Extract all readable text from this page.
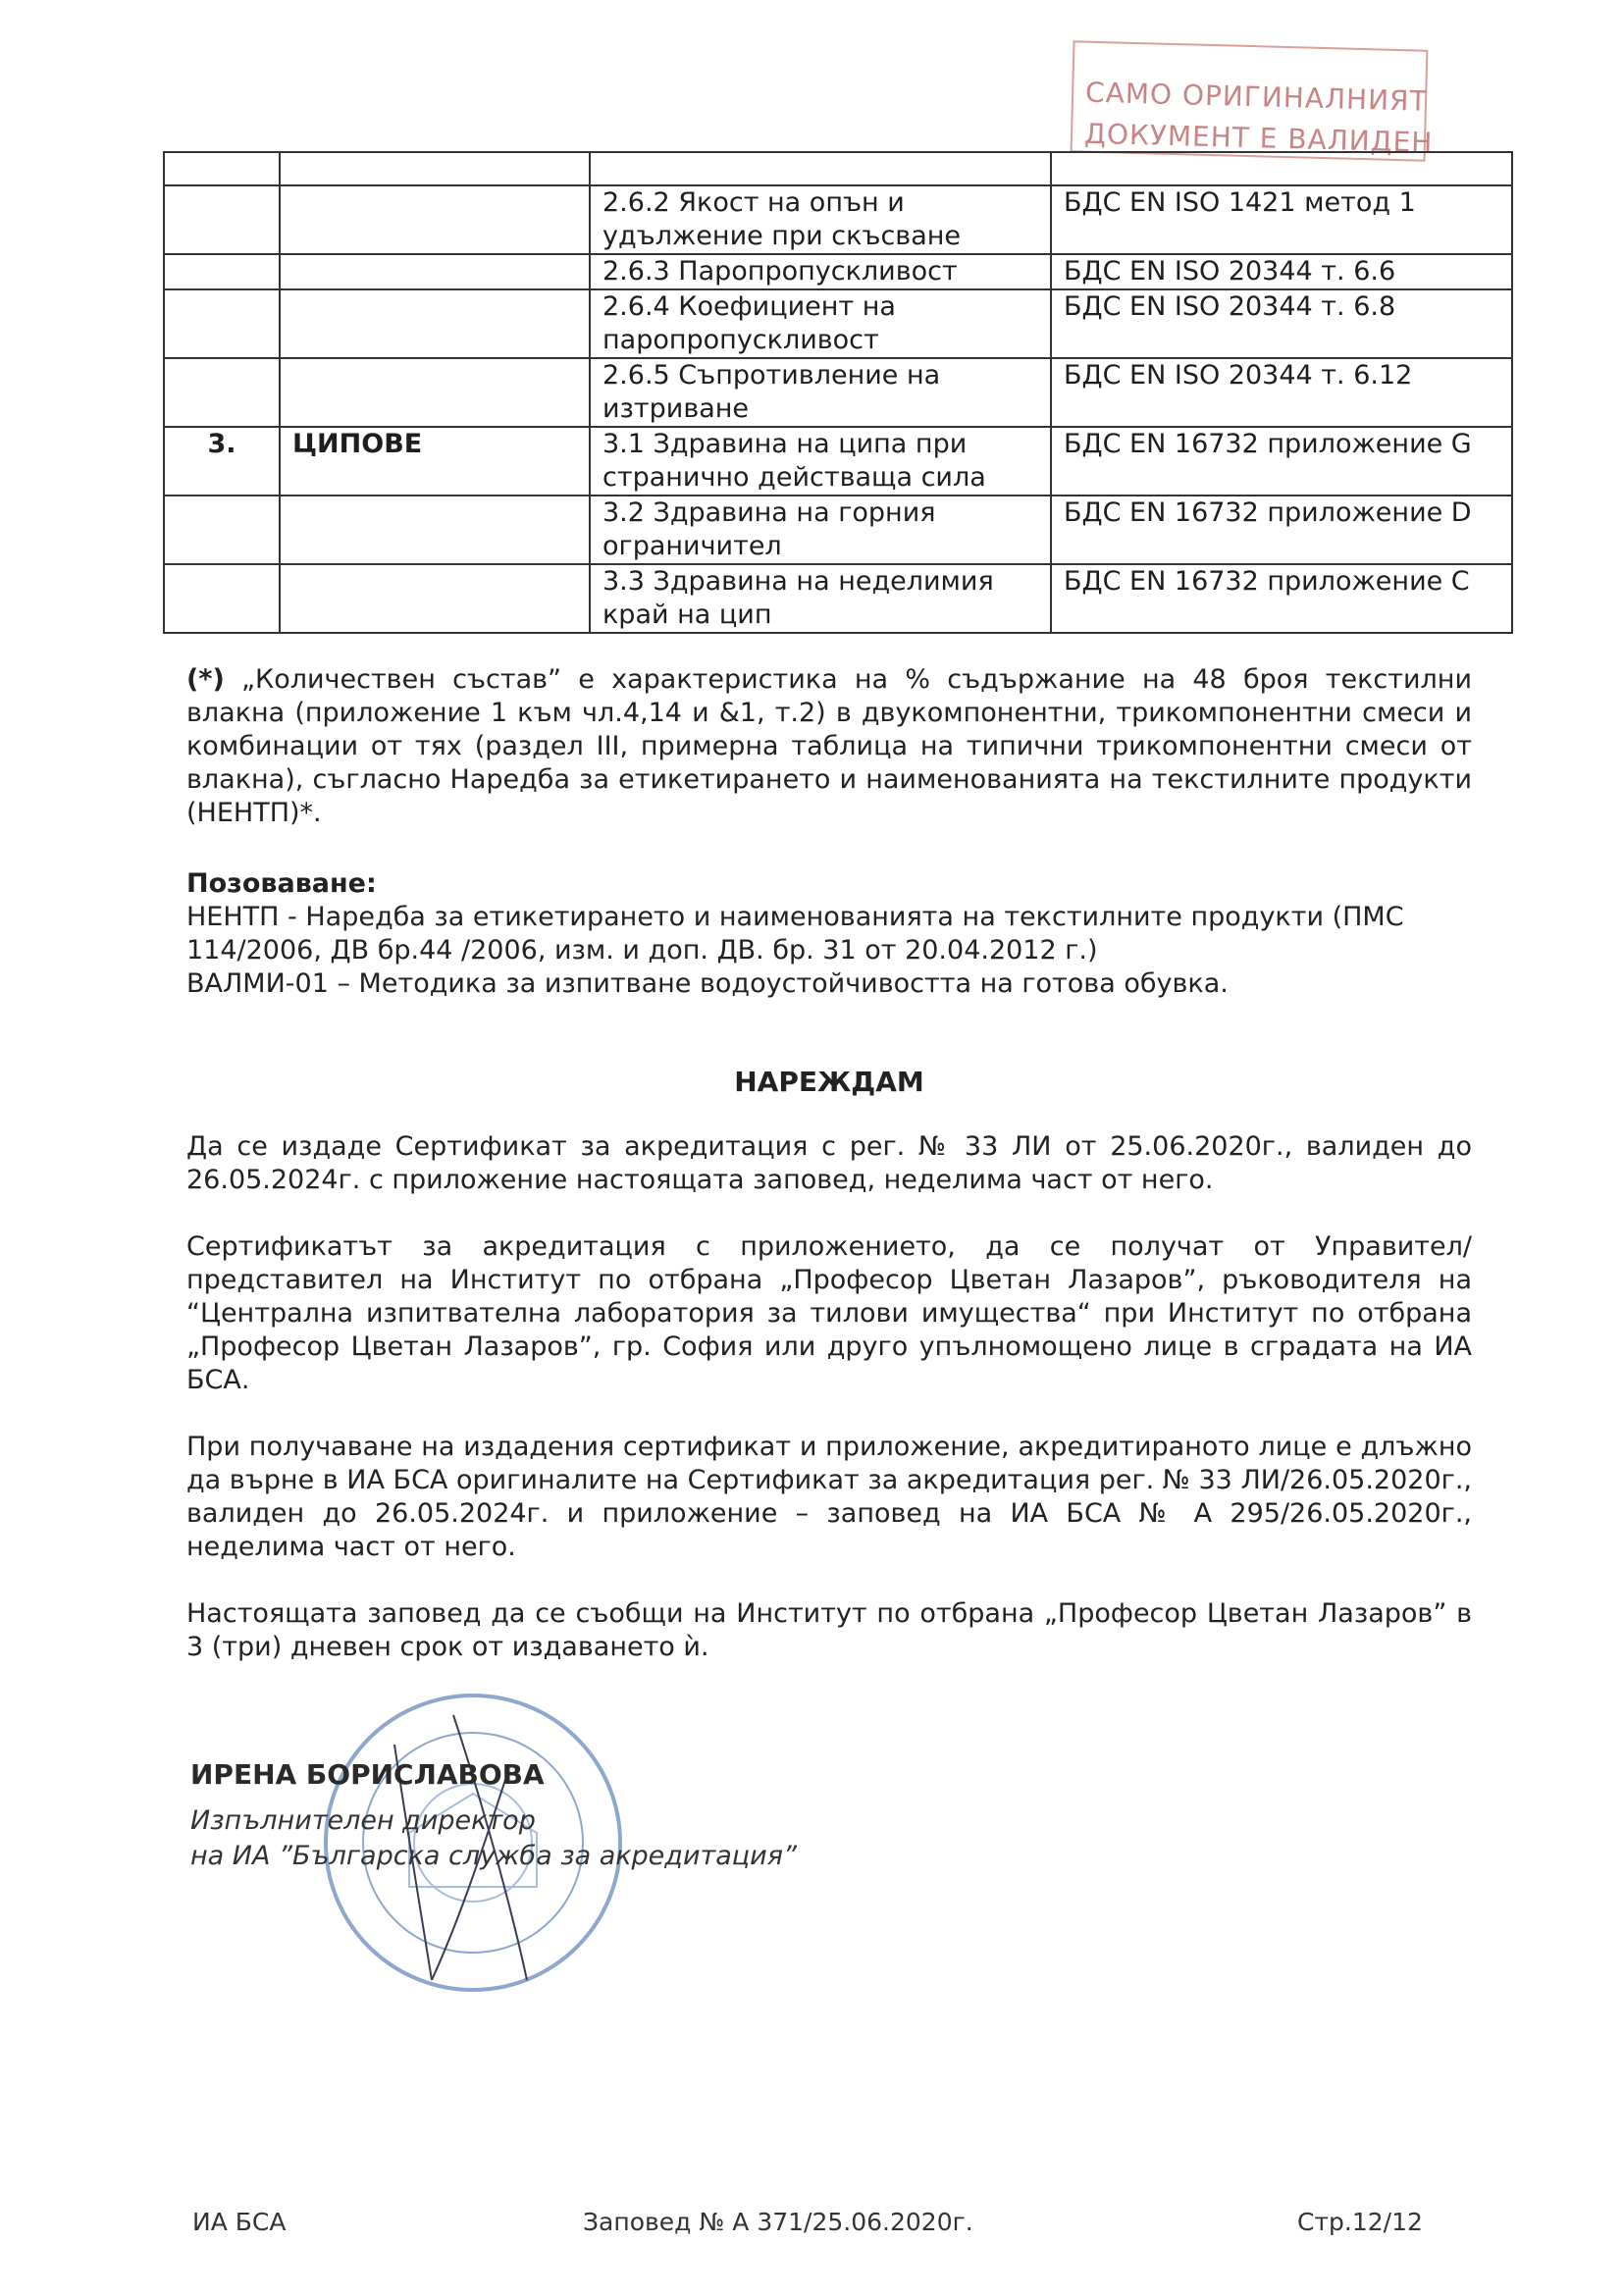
САМО ОРИГИНАЛНИЯТ
ДОКУМЕНТ Е ВАЛИДЕН

		2.6.2 Якост на опън и удължение при скъсване	БДС EN ISO 1421 метод 1
		2.6.3 Паропропускливост	БДС EN ISO 20344 т. 6.6
		2.6.4 Коефициент на паропропускливост	БДС EN ISO 20344 т. 6.8
		2.6.5 Съпротивление на изтриване	БДС EN ISO 20344 т. 6.12
3.	ЦИПОВЕ	3.1 Здравина на ципа при странично действаща сила	БДС EN 16732 приложение G
		3.2 Здравина на горния ограничител	БДС EN 16732 приложение D
		3.3 Здравина на неделимия край на цип	БДС EN 16732 приложение C
(*) „Количествен състав” е характеристика на % съдържание на 48 броя текстилни влакна (приложение 1 към чл.4,14 и &1, т.2) в двукомпонентни, трикомпонентни смеси и комбинации от тях (раздел III, примерна таблица на типични трикомпонентни смеси от влакна), съгласно Наредба за етикетирането и наименованията на текстилните продукти (НЕНТП)*.
Позоваване:
НЕНТП - Наредба за етикетирането и наименованията на текстилните продукти (ПМС 114/2006, ДВ бр.44 /2006, изм. и доп. ДВ. бр. 31 от 20.04.2012 г.)
ВАЛМИ-01 – Методика за изпитване водоустойчивостта на готова обувка.
НАРЕЖДАМ
Да се издаде Сертификат за акредитация с рег. № 33 ЛИ от 25.06.2020г., валиден до 26.05.2024г. с приложение настоящата заповед, неделима част от него.
Сертификатът за акредитация с приложението, да се получат от Управител/представител на Институт по отбрана „Професор Цветан Лазаров”, ръководителя на “Централна изпитвателна лаборатория за тилови имущества“ при Институт по отбрана „Професор Цветан Лазаров”, гр. София или друго упълномощено лице в сградата на ИА БСА.
При получаване на издадения сертификат и приложение, акредитираното лице е длъжно да върне в ИА БСА оригиналите на Сертификат за акредитация рег. № 33 ЛИ/26.05.2020г., валиден до 26.05.2024г. и приложение – заповед на ИА БСА № А 295/26.05.2020г., неделима част от него.
Настоящата заповед да се съобщи на Институт по отбрана „Професор Цветан Лазаров” в 3 (три) дневен срок от издаването ѝ.
ИРЕНА БОРИСЛАВОВА
Изпълнителен директор
на ИА ”Българска служба за акредитация”
ИА БСА	Заповед № А 371/25.06.2020г.	Стр.12/12
